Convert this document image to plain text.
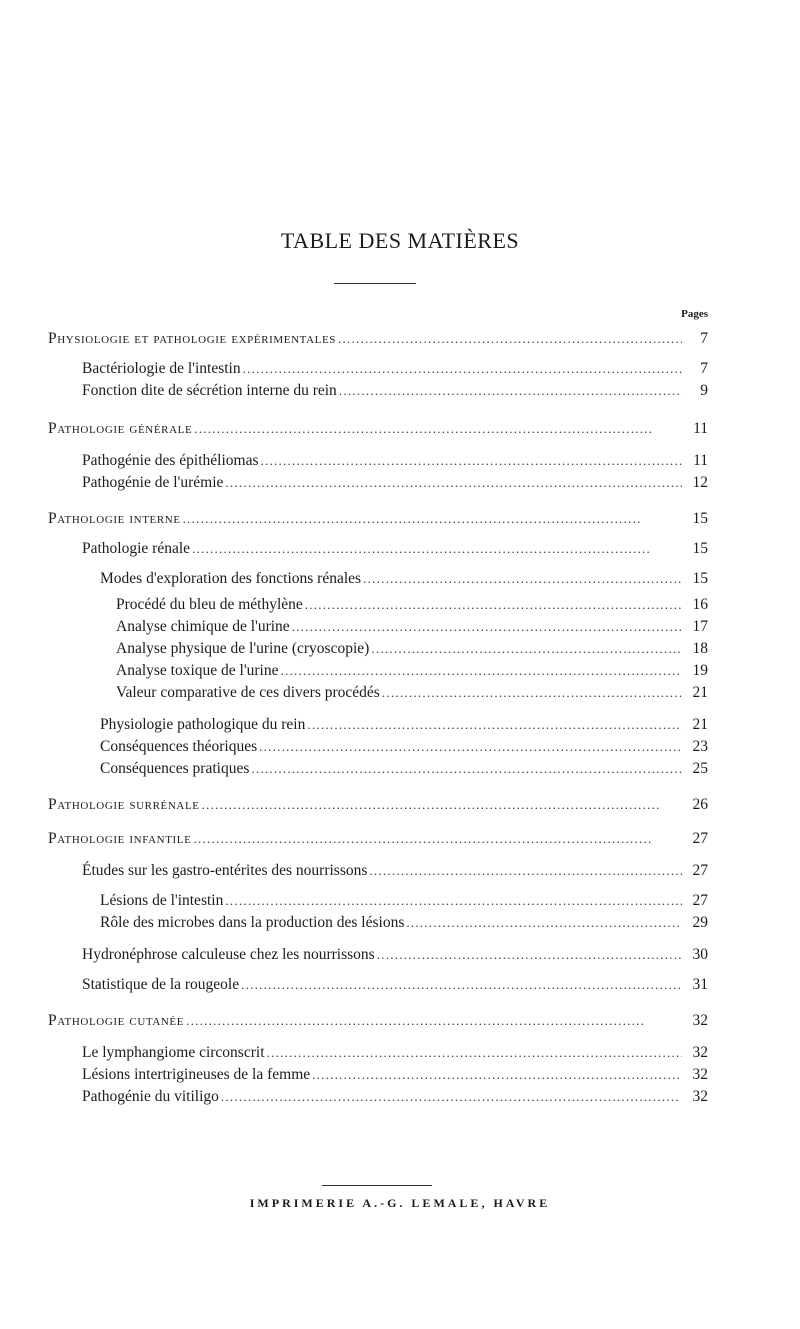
TABLE DES MATIÈRES
Pages
Physiologie et pathologie expérimentales . . .	7
Bactériologie de l'intestin . . .	7
Fonction dite de sécrétion interne du rein . . .	9
Pathologie générale . . .	11
Pathogénie des épithéliomas . . .	11
Pathogénie de l'urémie . . .	12
Pathologie interne . . .	15
Pathologie rénale . . .	15
Modes d'exploration des fonctions rénales . . .	15
Procédé du bleu de méthylène . . .	16
Analyse chimique de l'urine . . .	17
Analyse physique de l'urine (cryoscopie) . . .	18
Analyse toxique de l'urine . . .	19
Valeur comparative de ces divers procédés . . .	21
Physiologie pathologique du rein . . .	21
Conséquences théoriques . . .	23
Conséquences pratiques . . .	25
Pathologie surrénale . . .	26
Pathologie infantile . . .	27
Études sur les gastro-entérites des nourrissons . . .	27
Lésions de l'intestin . . .	27
Rôle des microbes dans la production des lésions . . .	29
Hydronéphrose calculeuse chez les nourrissons . . .	30
Statistique de la rougeole . . .	31
Pathologie cutanée . . .	32
Le lymphangiome circonscrit . . .	32
Lésions intertrigineuses de la femme . . .	32
Pathogénie du vitiligo . . .	32
IMPRIMERIE A.-G. LEMALE, HAVRE
